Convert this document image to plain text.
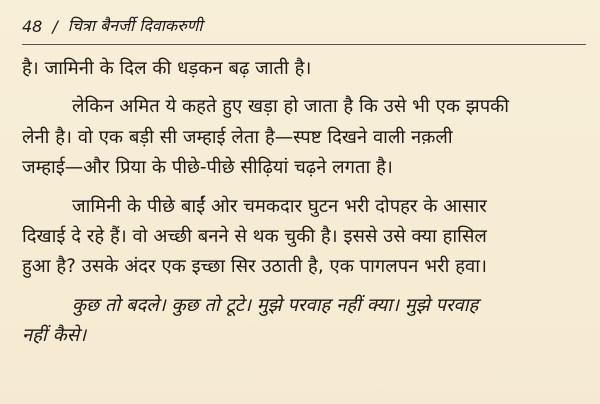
48 / चित्रा बैनर्जी दिवाकरुणी
है। जामिनी के दिल की धड़कन बढ़ जाती है।
लेकिन अमित ये कहते हुए खड़ा हो जाता है कि उसे भी एक झपकी
लेनी है। वो एक बड़ी सी जम्हाई लेता है—स्पष्ट दिखने वाली नक़ली
जम्हाई—और प्रिया के पीछे-पीछे सीढ़ियां चढ़ने लगता है।
जामिनी के पीछे बाईं ओर चमकदार घुटन भरी दोपहर के आसार
दिखाई दे रहे हैं। वो अच्छी बनने से थक चुकी है। इससे उसे क्या हासिल
हुआ है? उसके अंदर एक इच्छा सिर उठाती है, एक पागलपन भरी हवा।
कुछ तो बदले। कुछ तो टूटे। मुझे परवाह नहीं क्या। मुझे परवाह
नहीं कैसे।
